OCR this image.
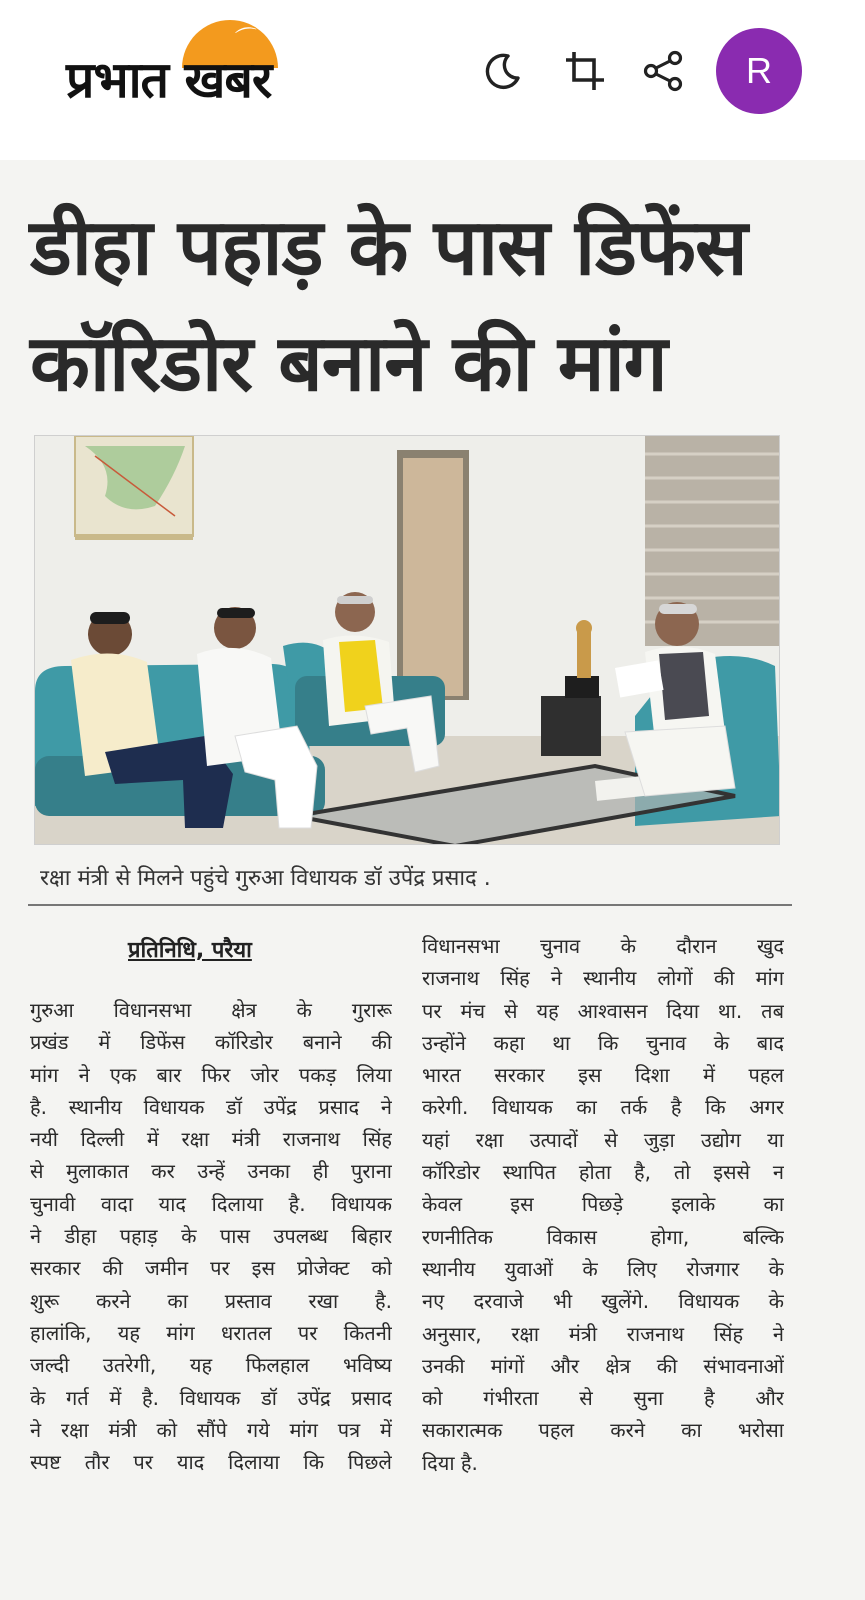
⌒
प्रभात खबर	R
डीहा पहाड़ के पास डिफेंस
कॉरिडोर बनाने की मांग
रक्षा मंत्री से मिलने पहुंचे गुरुआ विधायक डॉ उपेंद्र प्रसाद .
प्रतिनिधि, परैया
गुरुआ विधानसभा क्षेत्र के गुरारू
प्रखंड में डिफेंस कॉरिडोर बनाने की
मांग ने एक बार फिर जोर पकड़ लिया
है. स्थानीय विधायक डॉ उपेंद्र प्रसाद ने
नयी दिल्ली में रक्षा मंत्री राजनाथ सिंह
से मुलाकात कर उन्हें उनका ही पुराना
चुनावी वादा याद दिलाया है. विधायक
ने डीहा पहाड़ के पास उपलब्ध बिहार
सरकार की जमीन पर इस प्रोजेक्ट को
शुरू करने का प्रस्ताव रखा है.
हालांकि, यह मांग धरातल पर कितनी
जल्दी उतरेगी, यह फिलहाल भविष्य
के गर्त में है. विधायक डॉ उपेंद्र प्रसाद
ने रक्षा मंत्री को सौंपे गये मांग पत्र में
स्पष्ट तौर पर याद दिलाया कि पिछले
विधानसभा चुनाव के दौरान खुद
राजनाथ सिंह ने स्थानीय लोगों की मांग
पर मंच से यह आश्वासन दिया था. तब
उन्होंने कहा था कि चुनाव के बाद
भारत सरकार इस दिशा में पहल
करेगी. विधायक का तर्क है कि अगर
यहां रक्षा उत्पादों से जुड़ा उद्योग या
कॉरिडोर स्थापित होता है, तो इससे न
केवल इस पिछड़े इलाके का
रणनीतिक विकास होगा, बल्कि
स्थानीय युवाओं के लिए रोजगार के
नए दरवाजे भी खुलेंगे. विधायक के
अनुसार, रक्षा मंत्री राजनाथ सिंह ने
उनकी मांगों और क्षेत्र की संभावनाओं
को गंभीरता से सुना है और
सकारात्मक पहल करने का भरोसा
दिया है.
